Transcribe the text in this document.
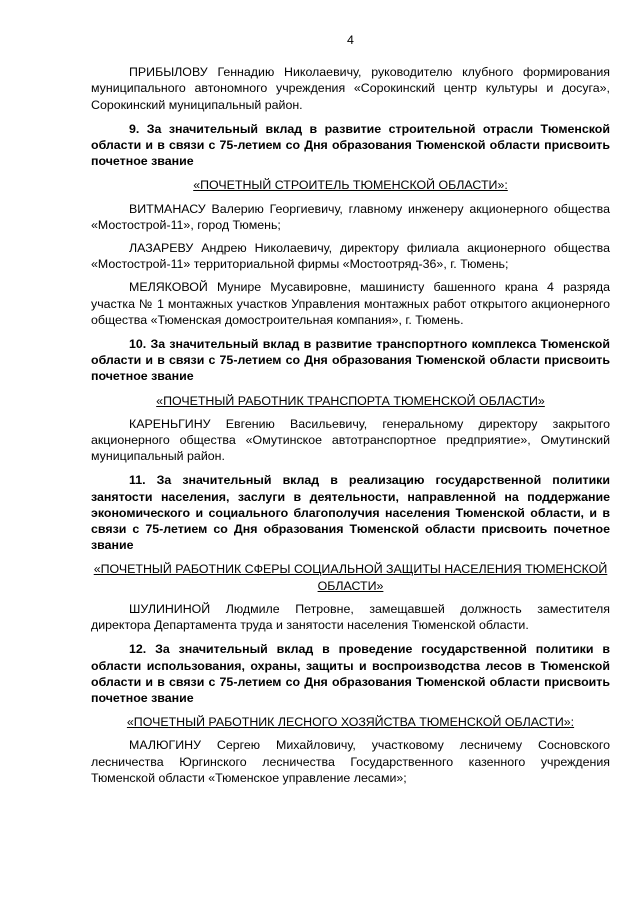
4

ПРИБЫЛОВУ Геннадию Николаевичу, руководителю клубного формирования муниципального автономного учреждения «Сорокинский центр культуры и досуга», Сорокинский муниципальный район.

9. За значительный вклад в развитие строительной отрасли Тюменской области и в связи с 75-летием со Дня образования Тюменской области присвоить почетное звание

«ПОЧЕТНЫЙ СТРОИТЕЛЬ ТЮМЕНСКОЙ ОБЛАСТИ»:

ВИТМАНАСУ Валерию Георгиевичу, главному инженеру акционерного общества «Мостострой-11», город Тюмень;

ЛАЗАРЕВУ Андрею Николаевичу, директору филиала акционерного общества «Мостострой-11» территориальной фирмы «Мостоотряд-36», г. Тюмень;

МЕЛЯКОВОЙ Мунире Мусавировне, машинисту башенного крана 4 разряда участка № 1 монтажных участков Управления монтажных работ открытого акционерного общества «Тюменская домостроительная компания», г. Тюмень.

10. За значительный вклад в развитие транспортного комплекса Тюменской области и в связи с 75-летием со Дня образования Тюменской области присвоить почетное звание

«ПОЧЕТНЫЙ РАБОТНИК ТРАНСПОРТА ТЮМЕНСКОЙ ОБЛАСТИ»

КАРЕНЬГИНУ Евгению Васильевичу, генеральному директору закрытого акционерного общества «Омутинское автотранспортное предприятие», Омутинский муниципальный район.

11. За значительный вклад в реализацию государственной политики занятости населения, заслуги в деятельности, направленной на поддержание экономического и социального благополучия населения Тюменской области, и в связи с 75-летием со Дня образования Тюменской области присвоить почетное звание

«ПОЧЕТНЫЙ РАБОТНИК СФЕРЫ СОЦИАЛЬНОЙ ЗАЩИТЫ НАСЕЛЕНИЯ ТЮМЕНСКОЙ ОБЛАСТИ»

ШУЛИНИНОЙ Людмиле Петровне, замещавшей должность заместителя директора Департамента труда и занятости населения Тюменской области.

12. За значительный вклад в проведение государственной политики в области использования, охраны, защиты и воспроизводства лесов в Тюменской области и в связи с 75-летием со Дня образования Тюменской области присвоить почетное звание

«ПОЧЕТНЫЙ РАБОТНИК ЛЕСНОГО ХОЗЯЙСТВА ТЮМЕНСКОЙ ОБЛАСТИ»:

МАЛЮГИНУ Сергею Михайловичу, участковому лесничему Сосновского лесничества Юргинского лесничества Государственного казенного учреждения Тюменской области «Тюменское управление лесами»;
